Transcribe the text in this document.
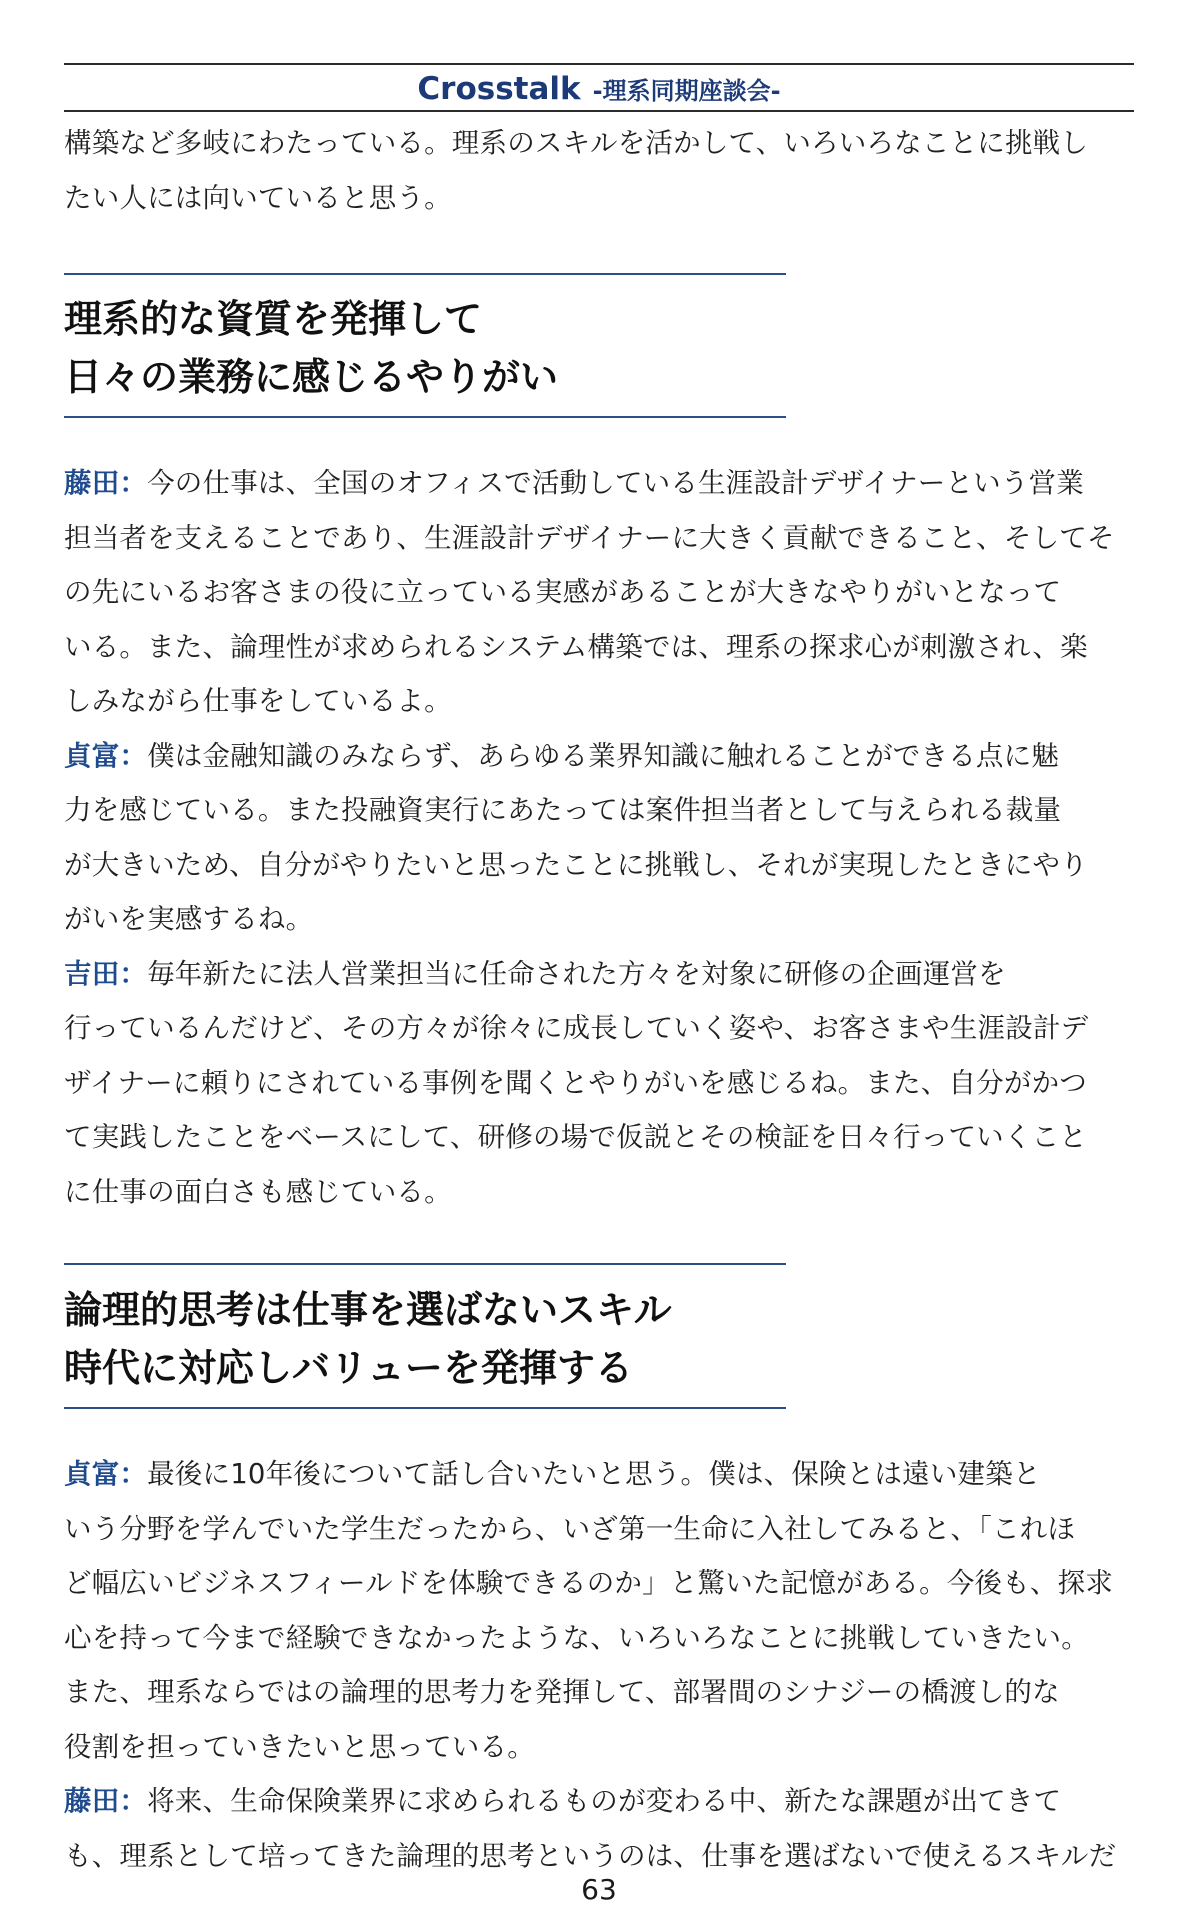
Crosstalk -理系同期座談会-
構築など多岐にわたっている。理系のスキルを活かして、いろいろなことに挑戦し
たい人には向いていると思う。
理系的な資質を発揮して
日々の業務に感じるやりがい
藤田：今の仕事は、全国のオフィスで活動している生涯設計デザイナーという営業
担当者を支えることであり、生涯設計デザイナーに大きく貢献できること、そしてそ
の先にいるお客さまの役に立っている実感があることが大きなやりがいとなって
いる。また、論理性が求められるシステム構築では、理系の探求心が刺激され、楽
しみながら仕事をしているよ。
貞富：僕は金融知識のみならず、あらゆる業界知識に触れることができる点に魅
力を感じている。また投融資実行にあたっては案件担当者として与えられる裁量
が大きいため、自分がやりたいと思ったことに挑戦し、それが実現したときにやり
がいを実感するね。
吉田：毎年新たに法人営業担当に任命された方々を対象に研修の企画運営を
行っているんだけど、その方々が徐々に成長していく姿や、お客さまや生涯設計デ
ザイナーに頼りにされている事例を聞くとやりがいを感じるね。また、自分がかつ
て実践したことをベースにして、研修の場で仮説とその検証を日々行っていくこと
に仕事の面白さも感じている。
論理的思考は仕事を選ばないスキル
時代に対応しバリューを発揮する
貞富：最後に10年後について話し合いたいと思う。僕は、保険とは遠い建築と
いう分野を学んでいた学生だったから、いざ第一生命に入社してみると、「これほ
ど幅広いビジネスフィールドを体験できるのか」と驚いた記憶がある。今後も、探求
心を持って今まで経験できなかったような、いろいろなことに挑戦していきたい。
また、理系ならではの論理的思考力を発揮して、部署間のシナジーの橋渡し的な
役割を担っていきたいと思っている。
藤田：将来、生命保険業界に求められるものが変わる中、新たな課題が出てきて
も、理系として培ってきた論理的思考というのは、仕事を選ばないで使えるスキルだ
63
